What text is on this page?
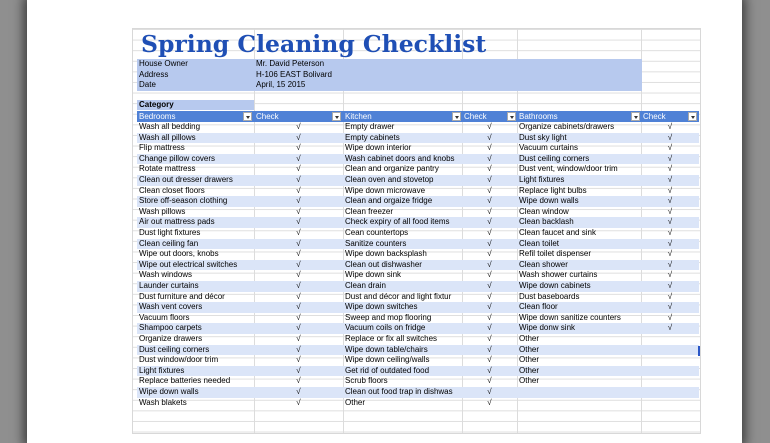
Spring Cleaning Checklist
House Owner	Mr. David Peterson
Address	H-106 EAST Bolivard
Date	April, 15 2015
Category
Bedrooms	Check	Kitchen	Check	Bathrooms	Check
Wash all bedding	√	Empty drawer	√	Organize cabinets/drawers	√
Wash all pillows	√	Empty cabinets	√	Dust sky light	√
Flip mattress	√	Wipe down interior	√	Vacuum curtains	√
Change pillow covers	√	Wash cabinet doors and knobs	√	Dust ceiling corners	√
Rotate mattress	√	Clean and organize pantry	√	Dust vent, window/door trim	√
Clean out dresser drawers	√	Clean oven and stovetop	√	Light fixtures	√
Clean closet floors	√	Wipe down microwave	√	Replace light bulbs	√
Store off-season clothing	√	Clean and orgaize fridge	√	Wipe down walls	√
Wash pillows	√	Clean freezer	√	Clean window	√
Air out mattress pads	√	Check expiry of all food items	√	Clean backlash	√
Dust light fixtures	√	Cean countertops	√	Clean faucet and sink	√
Clean ceiling fan	√	Sanitize counters	√	Clean toilet	√
Wipe out doors, knobs	√	Wipe down backsplash	√	Refil toilet dispenser	√
Wipe out electrical switches	√	Clean out dishwasher	√	Clean shower	√
Wash windows	√	Wipe down sink	√	Wash shower curtains	√
Launder curtains	√	Clean drain	√	Wipe down cabinets	√
Dust furniture and décor	√	Dust and décor and light fixtur	√	Dust baseboards	√
Wash vent covers	√	Wipe down switches	√	Clean floor	√
Vacuum floors	√	Sweep and mop flooring	√	Wipe down sanitize counters	√
Shampoo carpets	√	Vacuum coils on fridge	√	Wipe donw sink	√
Organize drawers	√	Replace or fix all switches	√	Other
Dust ceiling corners	√	Wipe down table/chairs	√	Other
Dust window/door trim	√	Wipe down ceiling/walls	√	Other
Light fixtures	√	Get rid of outdated food	√	Other
Replace batteries needed	√	Scrub floors	√	Other
Wipe down walls	√	Clean out food trap in dishwas	√
Wash blakets	√	Other	√
